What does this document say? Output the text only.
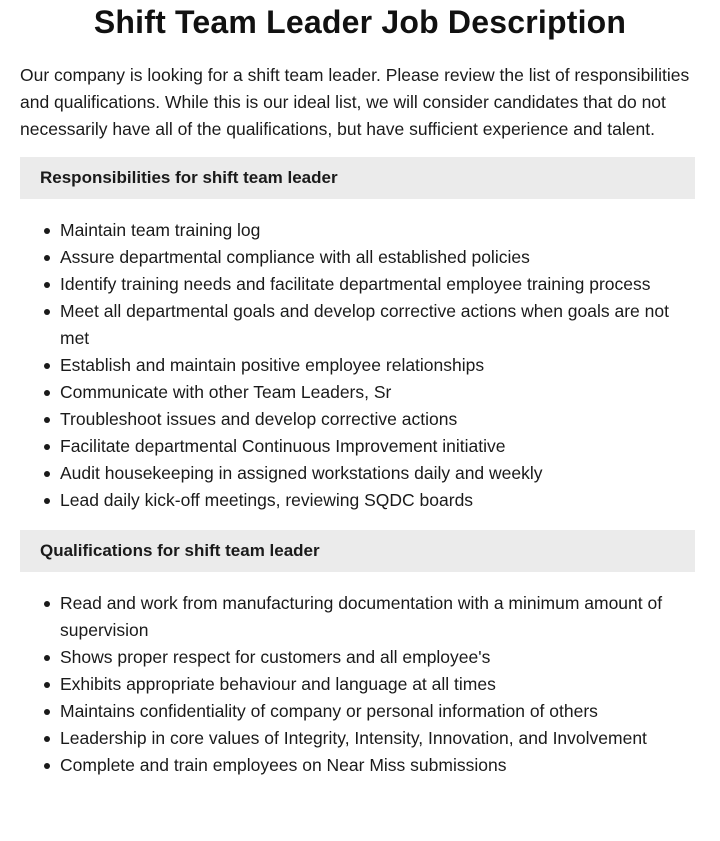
Shift Team Leader Job Description

Our company is looking for a shift team leader. Please review the list of responsibilities and qualifications. While this is our ideal list, we will consider candidates that do not necessarily have all of the qualifications, but have sufficient experience and talent.

Responsibilities for shift team leader
Maintain team training log
Assure departmental compliance with all established policies
Identify training needs and facilitate departmental employee training process
Meet all departmental goals and develop corrective actions when goals are not met
Establish and maintain positive employee relationships
Communicate with other Team Leaders, Sr
Troubleshoot issues and develop corrective actions
Facilitate departmental Continuous Improvement initiative
Audit housekeeping in assigned workstations daily and weekly
Lead daily kick-off meetings, reviewing SQDC boards
Qualifications for shift team leader
Read and work from manufacturing documentation with a minimum amount of supervision
Shows proper respect for customers and all employee's
Exhibits appropriate behaviour and language at all times
Maintains confidentiality of company or personal information of others
Leadership in core values of Integrity, Intensity, Innovation, and Involvement
Complete and train employees on Near Miss submissions
